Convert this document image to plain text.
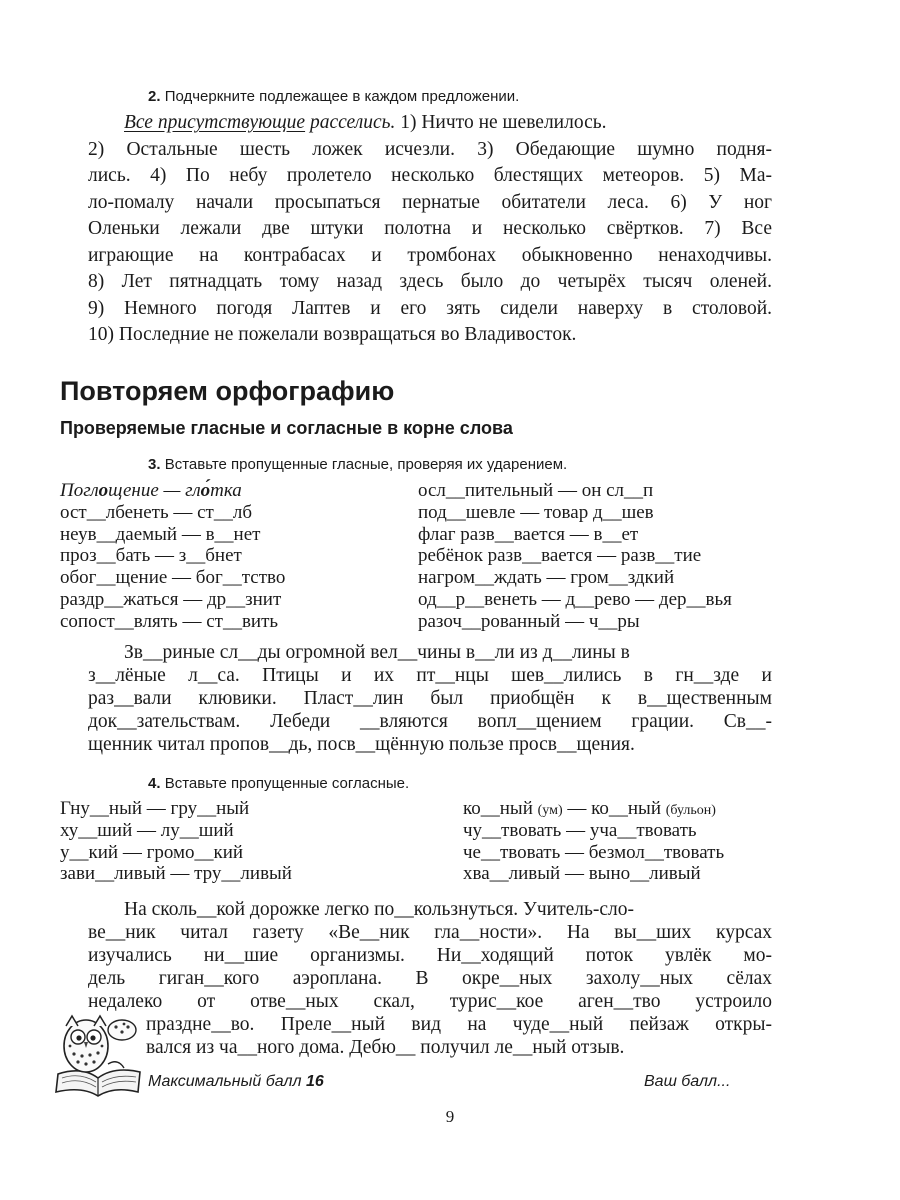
2. Подчеркните подлежащее в каждом предложении.
Все присутствующие расселись. 1) Ничто не шевелилось.
2) Остальные шесть ложек исчезли. 3) Обедающие шумно подня-
лись. 4) По небу пролетело несколько блестящих метеоров. 5) Ма-
ло-помалу начали просыпаться пернатые обитатели леса. 6) У ног
Оленьки лежали две штуки полотна и несколько свёртков. 7) Все
играющие на контрабасах и тромбонах обыкновенно ненаходчивы.
8) Лет пятнадцать тому назад здесь было до четырёх тысяч оленей.
9) Немного погодя Лаптев и его зять сидели наверху в столовой.
10) Последние не пожелали возвращаться во Владивосток.
Повторяем орфографию
Проверяемые гласные и согласные в корне слова
3. Вставьте пропущенные гласные, проверяя их ударением.
Поглощение — гло́тка
ост__лбенеть — ст__лб
неув__даемый — в__нет
проз__бать — з__бнет
обог__щение — бог__тство
раздр__жаться — др__знит
сопост__влять — ст__вить
осл__пительный — он сл__п
под__шевле — товар д__шев
флаг разв__вается — в__ет
ребёнок разв__вается — разв__тие
нагром__ждать — гром__здкий
од__р__венеть — д__рево — дер__вья
разоч__рованный — ч__ры
Зв__риные сл__ды огромной вел__чины в__ли из д__лины в
з__лёные л__са. Птицы и их пт__нцы шев__лились в гн__зде и
раз__вали клювики. Пласт__лин был приобщён к в__щественным
док__зательствам. Лебеди __вляются вопл__щением грации. Св__-
щенник читал пропов__дь, посв__щённую пользе просв__щения.
4. Вставьте пропущенные согласные.
Гну__ный — гру__ный
ху__ший — лу__ший
у__кий — громо__кий
зави__ливый — тру__ливый
ко__ный (ум) — ко__ный (бульон)
чу__твовать — уча__твовать
че__твовать — безмол__твовать
хва__ливый — выно__ливый
На сколь__кой дорожке легко по__кользнуться. Учитель-сло-
ве__ник читал газету «Ве__ник гла__ности». На вы__ших курсах
изучались ни__шие организмы. Ни__ходящий поток увлёк мо-
дель гиган__кого аэроплана. В окре__ных захолу__ных сёлах
недалеко от отве__ных скал, турис__кое аген__тво устроило
праздне__во. Преле__ный вид на чуде__ный пейзаж откры-
вался из ча__ного дома. Дебю__ получил ле__ный отзыв.
Максимальный балл 16	Ваш балл...
9
